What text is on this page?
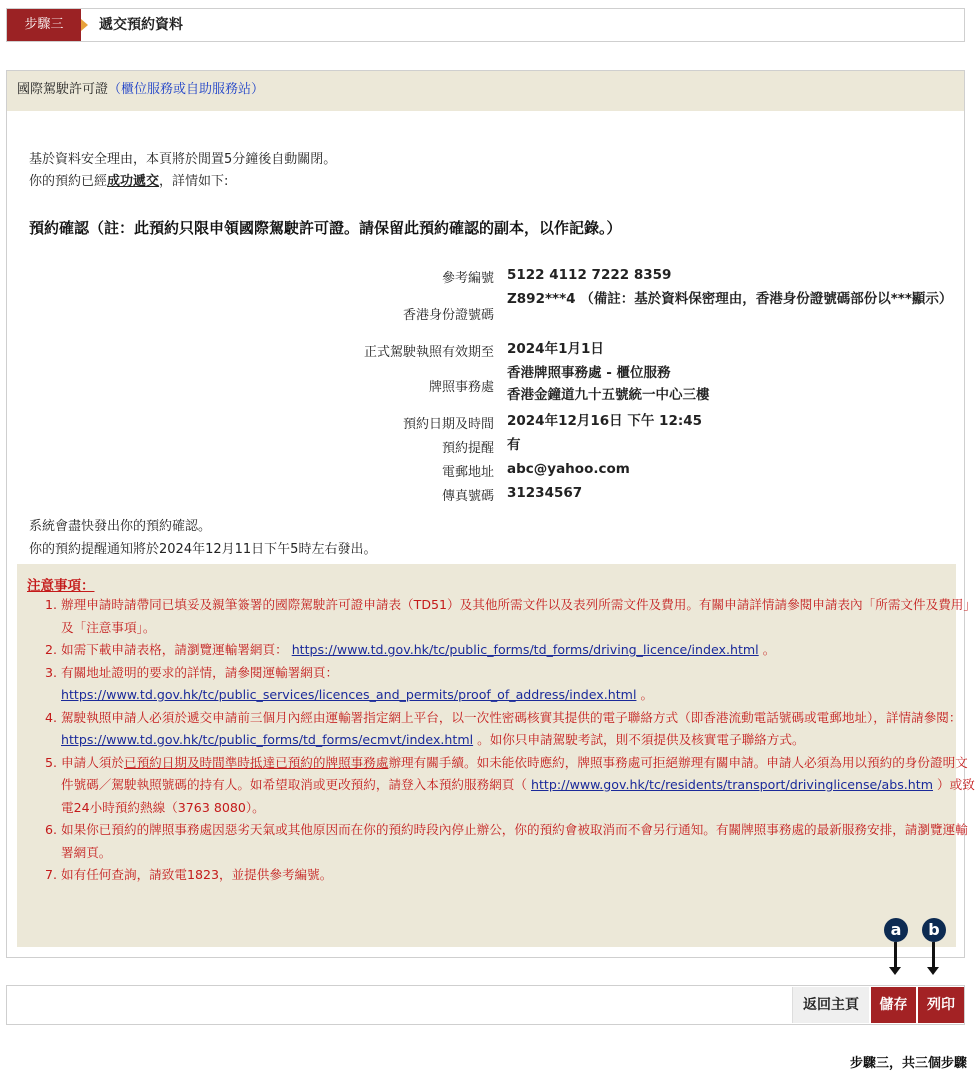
步驟三	遞交預約資料
國際駕駛許可證（櫃位服務或自助服務站）
基於資料安全理由，本頁將於閒置5分鐘後自動關閉。
你的預約已經成功遞交，詳情如下:
預約確認（註：此預約只限申領國際駕駛許可證。請保留此預約確認的副本，以作記錄。）
參考編號 5122 4112 7222 8359
香港身份證號碼
Z892***4 （備註：基於資料保密理由，香港身份證號碼部份以***顯示）
正式駕駛執照有效期至 2024年1月1日
牌照事務處
香港牌照事務處 - 櫃位服務
香港金鐘道九十五號統一中心三樓
預約日期及時間 2024年12月16日 下午 12:45
預約提醒 有
電郵地址 abc@yahoo.com
傳真號碼 31234567
系統會盡快發出你的預約確認。
你的預約提醒通知將於2024年12月11日下午5時左右發出。
注意事項：
1. 辦理申請時請帶同已填妥及親筆簽署的國際駕駛許可證申請表（TD51）及其他所需文件以及表列所需文件及費用。有關申請詳情請參閱申請表內「所需文件及費用」及「注意事項」。
2. 如需下載申請表格，請瀏覽運輸署網頁： https://www.td.gov.hk/tc/public_forms/td_forms/driving_licence/index.html 。
3. 有關地址證明的要求的詳情，請參閱運輸署網頁：
https://www.td.gov.hk/tc/public_services/licences_and_permits/proof_of_address/index.html 。
4. 駕駛執照申請人必須於遞交申請前三個月內經由運輸署指定網上平台，以一次性密碼核實其提供的電子聯絡方式（即香港流動電話號碼或電郵地址），詳情請參閱： https://www.td.gov.hk/tc/public_forms/td_forms/ecmvt/index.html 。如你只申請駕駛考試，則不須提供及核實電子聯絡方式。
5. 申請人須於已預約日期及時間準時抵達已預約的牌照事務處辦理有關手續。如未能依時應約，牌照事務處可拒絕辦理有關申請。申請人必須為用以預約的身份證明文件號碼／駕駛執照號碼的持有人。如希望取消或更改預約，請登入本預約服務網頁（ http://www.gov.hk/tc/residents/transport/drivinglicense/abs.htm ）或致電24小時預約熱線（3763 8080）。
6. 如果你已預約的牌照事務處因惡劣天氣或其他原因而在你的預約時段內停止辦公，你的預約會被取消而不會另行通知。有關牌照事務處的最新服務安排，請瀏覽運輸署網頁。
7. 如有任何查詢，請致電1823，並提供參考編號。
a	b
返回主頁	儲存	列印
步驟三，共三個步驟
